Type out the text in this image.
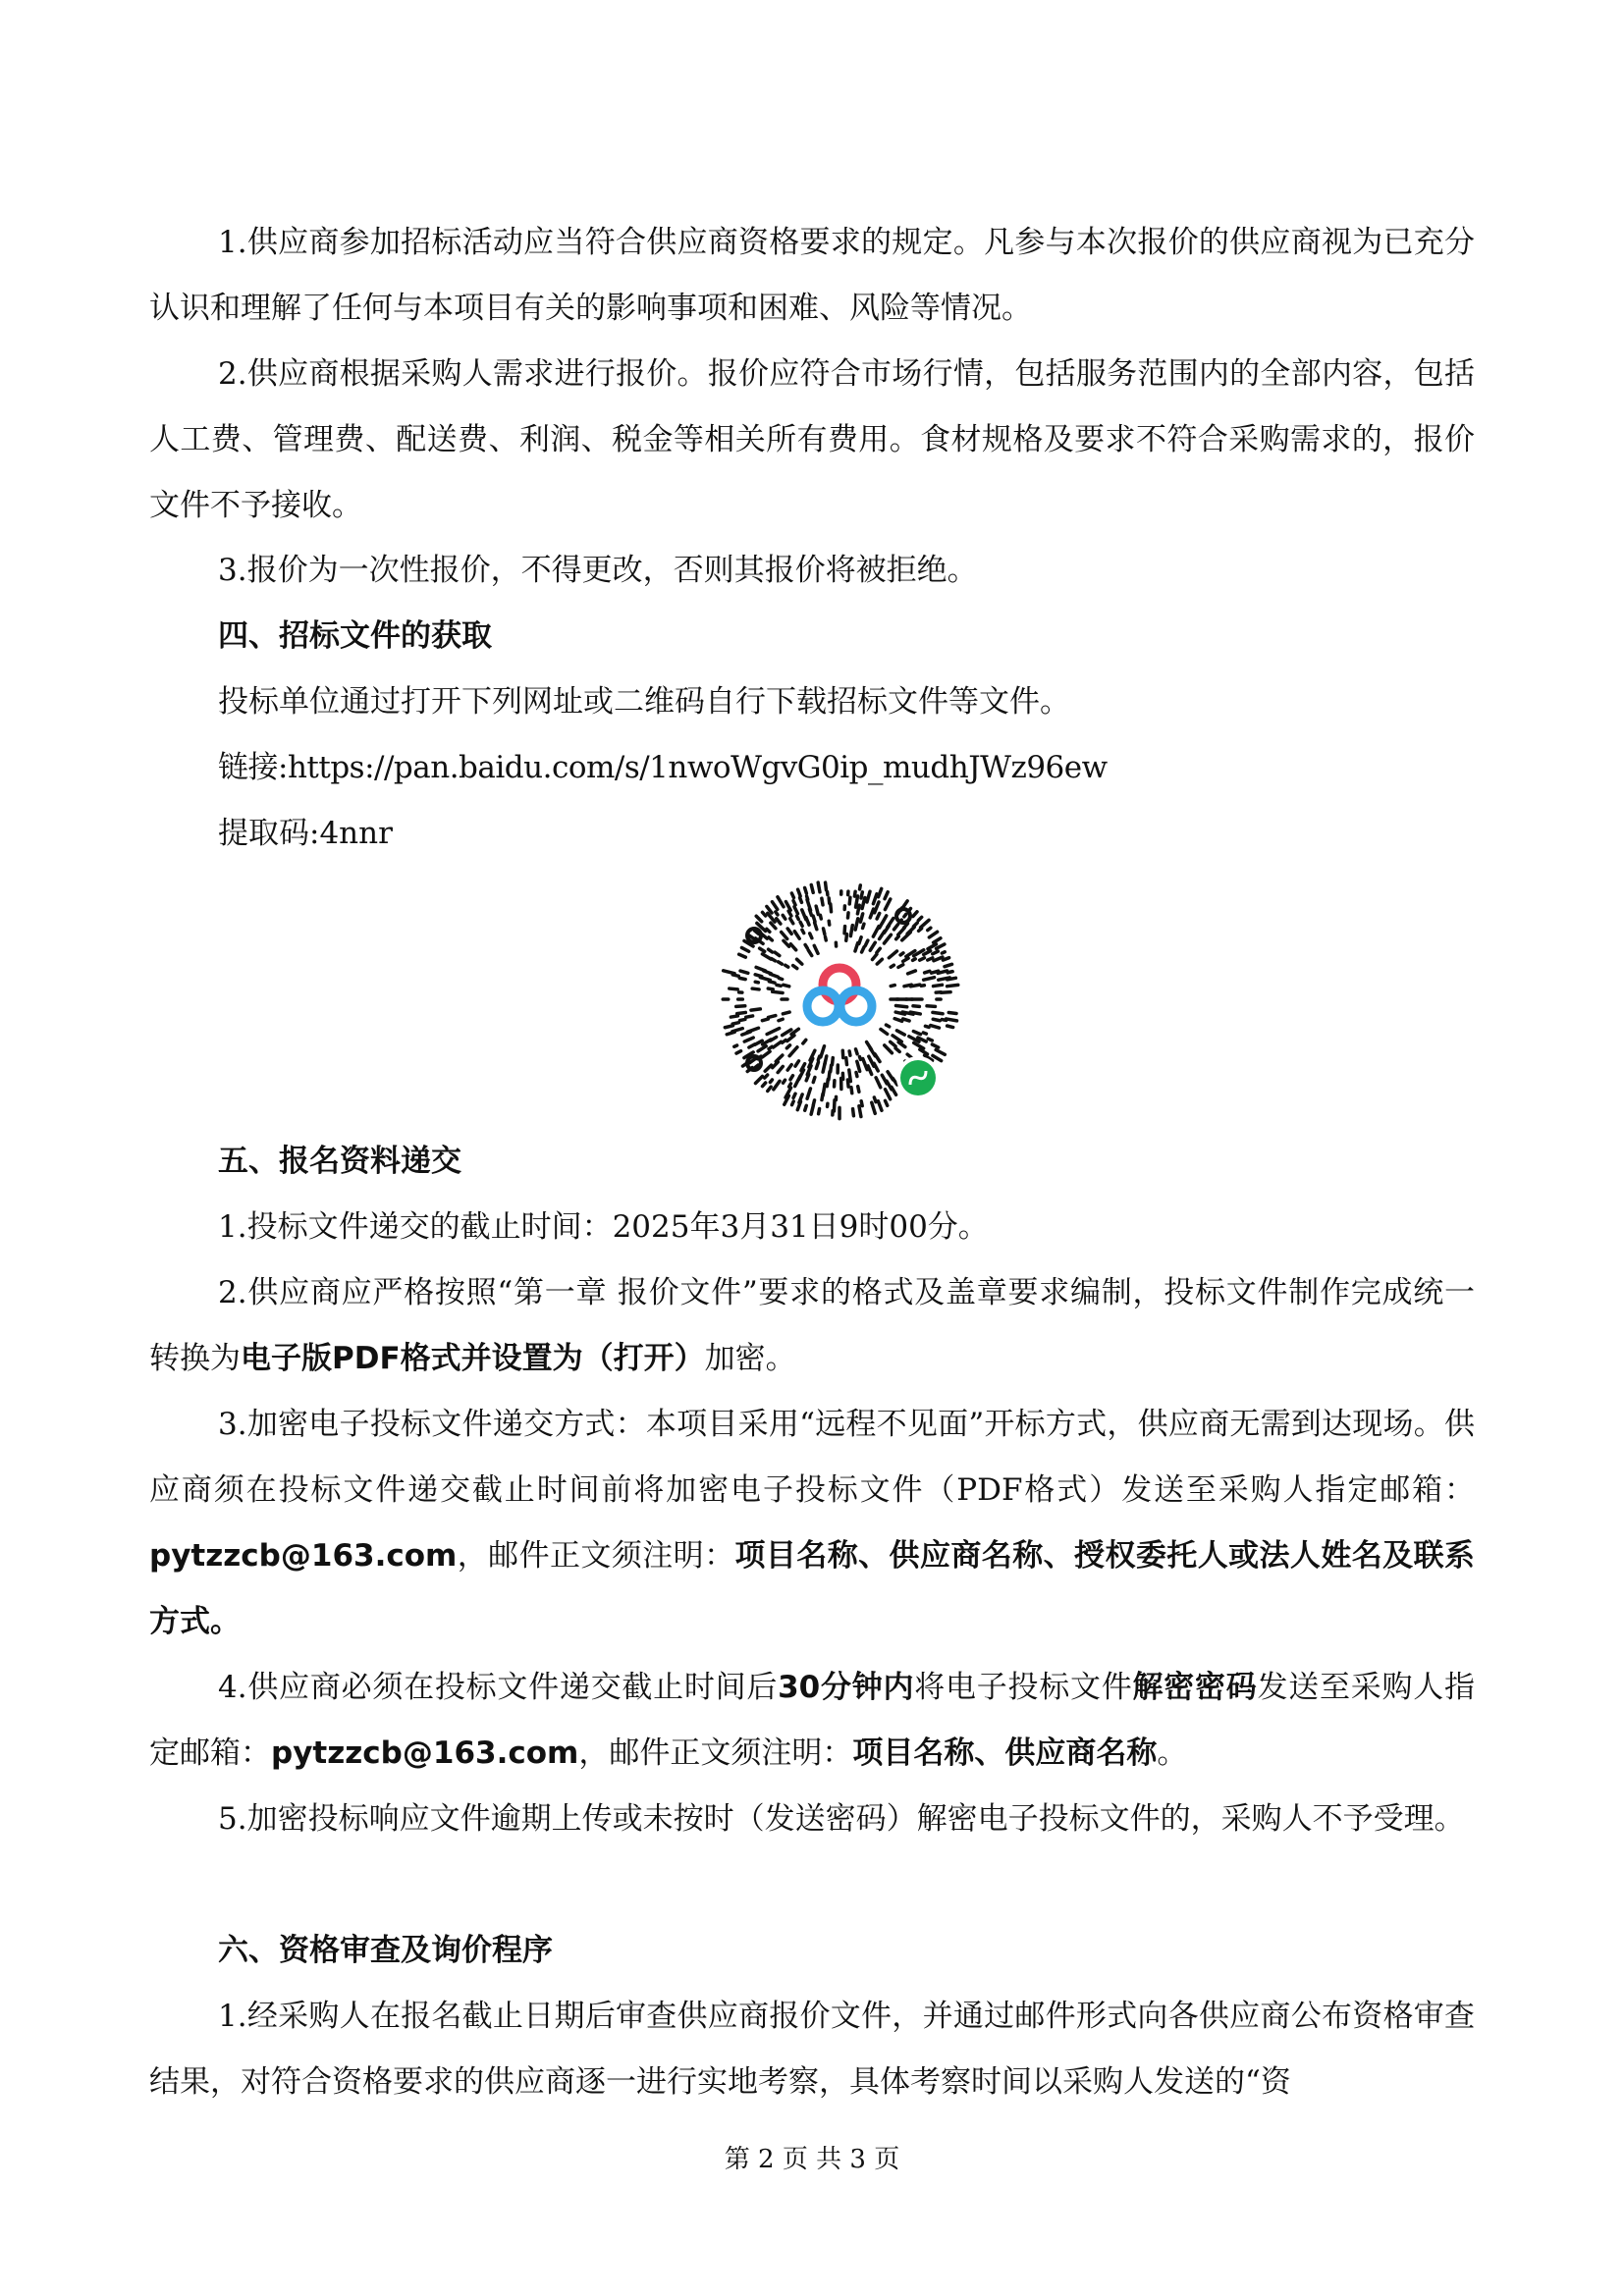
1.供应商参加招标活动应当符合供应商资格要求的规定。凡参与本次报价的供应商视为已充分认识和理解了任何与本项目有关的影响事项和困难、风险等情况。

2.供应商根据采购人需求进行报价。报价应符合市场行情，包括服务范围内的全部内容，包括人工费、管理费、配送费、利润、税金等相关所有费用。食材规格及要求不符合采购需求的，报价文件不予接收。

3.报价为一次性报价，不得更改，否则其报价将被拒绝。

四、招标文件的获取

投标单位通过打开下列网址或二维码自行下载招标文件等文件。

链接:https://pan.baidu.com/s/1nwoWgvG0ip_mudhJWz96ew

提取码:4nnr

五、报名资料递交

1.投标文件递交的截止时间：2025年3月31日9时00分。

2.供应商应严格按照“第一章 报价文件”要求的格式及盖章要求编制，投标文件制作完成统一转换为电子版PDF格式并设置为（打开）加密。

3.加密电子投标文件递交方式：本项目采用“远程不见面”开标方式，供应商无需到达现场。供应商须在投标文件递交截止时间前将加密电子投标文件（PDF格式）发送至采购人指定邮箱：pytzzcb@163.com，邮件正文须注明：项目名称、供应商名称、授权委托人或法人姓名及联系方式。

4.供应商必须在投标文件递交截止时间后30分钟内将电子投标文件解密密码发送至采购人指定邮箱：pytzzcb@163.com，邮件正文须注明：项目名称、供应商名称。

5.加密投标响应文件逾期上传或未按时（发送密码）解密电子投标文件的，采购人不予受理。

六、资格审查及询价程序

1.经采购人在报名截止日期后审查供应商报价文件，并通过邮件形式向各供应商公布资格审查结果，对符合资格要求的供应商逐一进行实地考察，具体考察时间以采购人发送的“资

第 2 页 共 3 页
